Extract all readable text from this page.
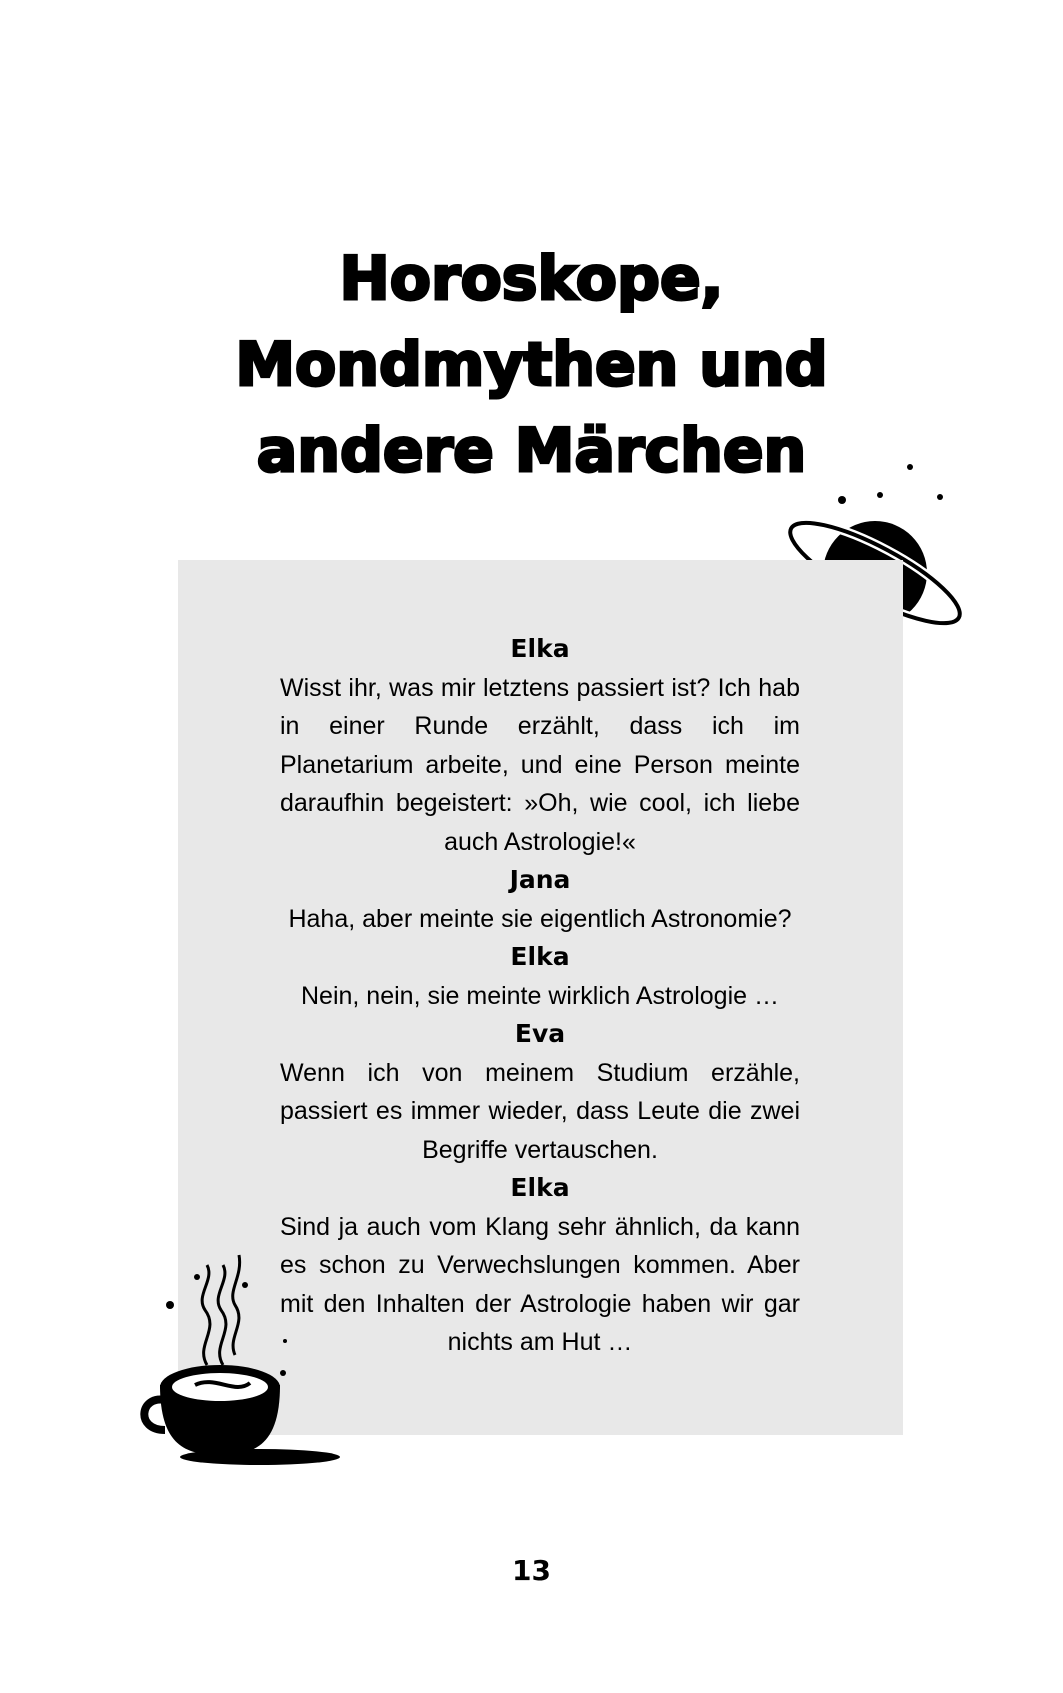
Horoskope,
Mondmythen und
andere Märchen
Elka
Wisst ihr, was mir letztens passiert ist? Ich hab in einer Runde erzählt, dass ich im Planetarium arbeite, und eine Person meinte daraufhin begeistert: »Oh, wie cool, ich liebe auch Astrologie!«
Jana
Haha, aber meinte sie eigentlich Astronomie?
Elka
Nein, nein, sie meinte wirklich Astrologie …
Eva
Wenn ich von meinem Studium erzähle, passiert es immer wieder, dass Leute die zwei Begriffe vertauschen.
Elka
Sind ja auch vom Klang sehr ähnlich, da kann es schon zu Verwechslungen kommen. Aber mit den Inhalten der Astrologie haben wir gar nichts am Hut …
13
